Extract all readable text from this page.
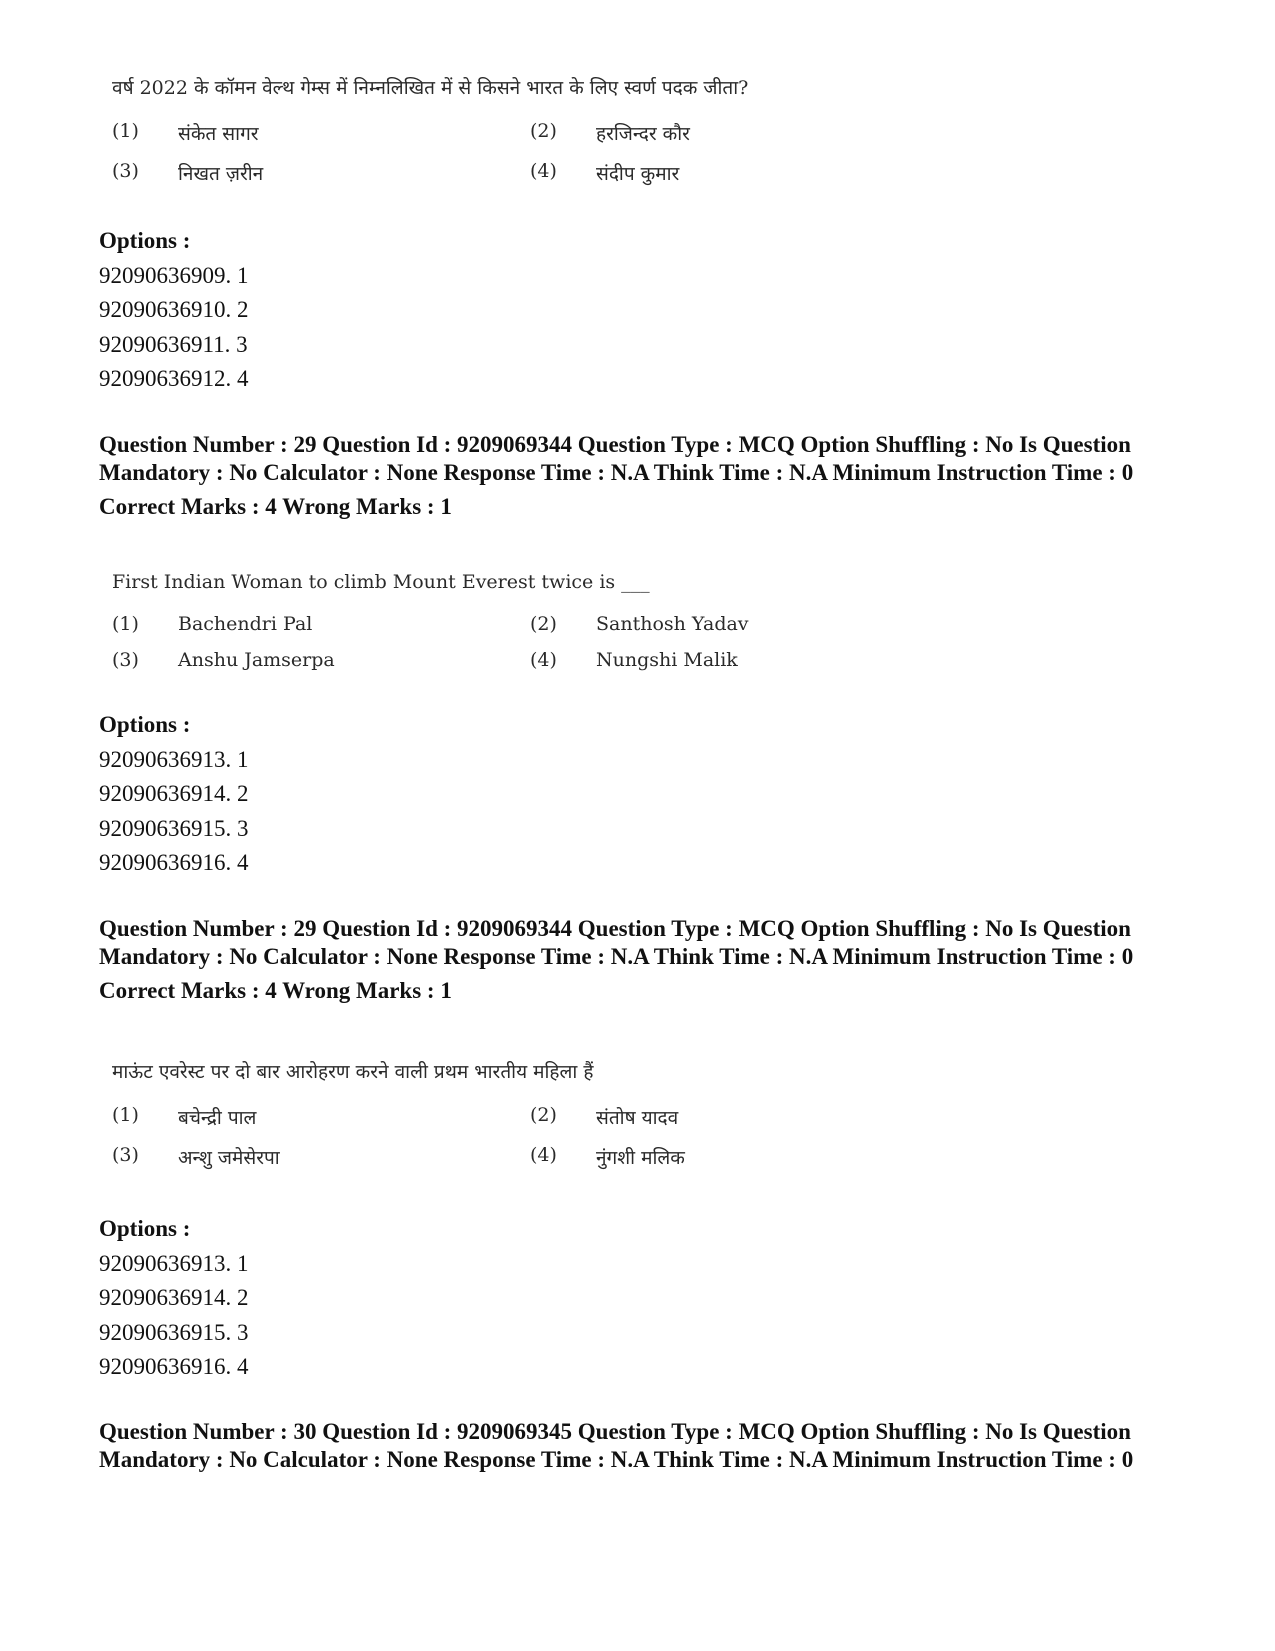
वर्ष 2022 के कॉमन वेल्थ गेम्स में निम्नलिखित में से किसने भारत के लिए स्वर्ण पदक जीता?
(1)	संकेत सागर	(2)	हरजिन्दर कौर
(3)	निखत ज़रीन	(4)	संदीप कुमार
Options :
92090636909. 1
92090636910. 2
92090636911. 3
92090636912. 4
Question Number : 29 Question Id : 9209069344 Question Type : MCQ Option Shuffling : No Is Question Mandatory : No Calculator : None Response Time : N.A Think Time : N.A Minimum Instruction Time : 0
Correct Marks : 4 Wrong Marks : 1
First Indian Woman to climb Mount Everest twice is ___
(1)	Bachendri Pal	(2)	Santhosh Yadav
(3)	Anshu Jamserpa	(4)	Nungshi Malik
Options :
92090636913. 1
92090636914. 2
92090636915. 3
92090636916. 4
Question Number : 29 Question Id : 9209069344 Question Type : MCQ Option Shuffling : No Is Question Mandatory : No Calculator : None Response Time : N.A Think Time : N.A Minimum Instruction Time : 0
Correct Marks : 4 Wrong Marks : 1
माऊंट एवरेस्ट पर दो बार आरोहरण करने वाली प्रथम भारतीय महिला हैं
(1)	बचेन्द्री पाल	(2)	संतोष यादव
(3)	अन्शु जमेसेरपा	(4)	नुंगशी मलिक
Options :
92090636913. 1
92090636914. 2
92090636915. 3
92090636916. 4
Question Number : 30 Question Id : 9209069345 Question Type : MCQ Option Shuffling : No Is Question Mandatory : No Calculator : None Response Time : N.A Think Time : N.A Minimum Instruction Time : 0
